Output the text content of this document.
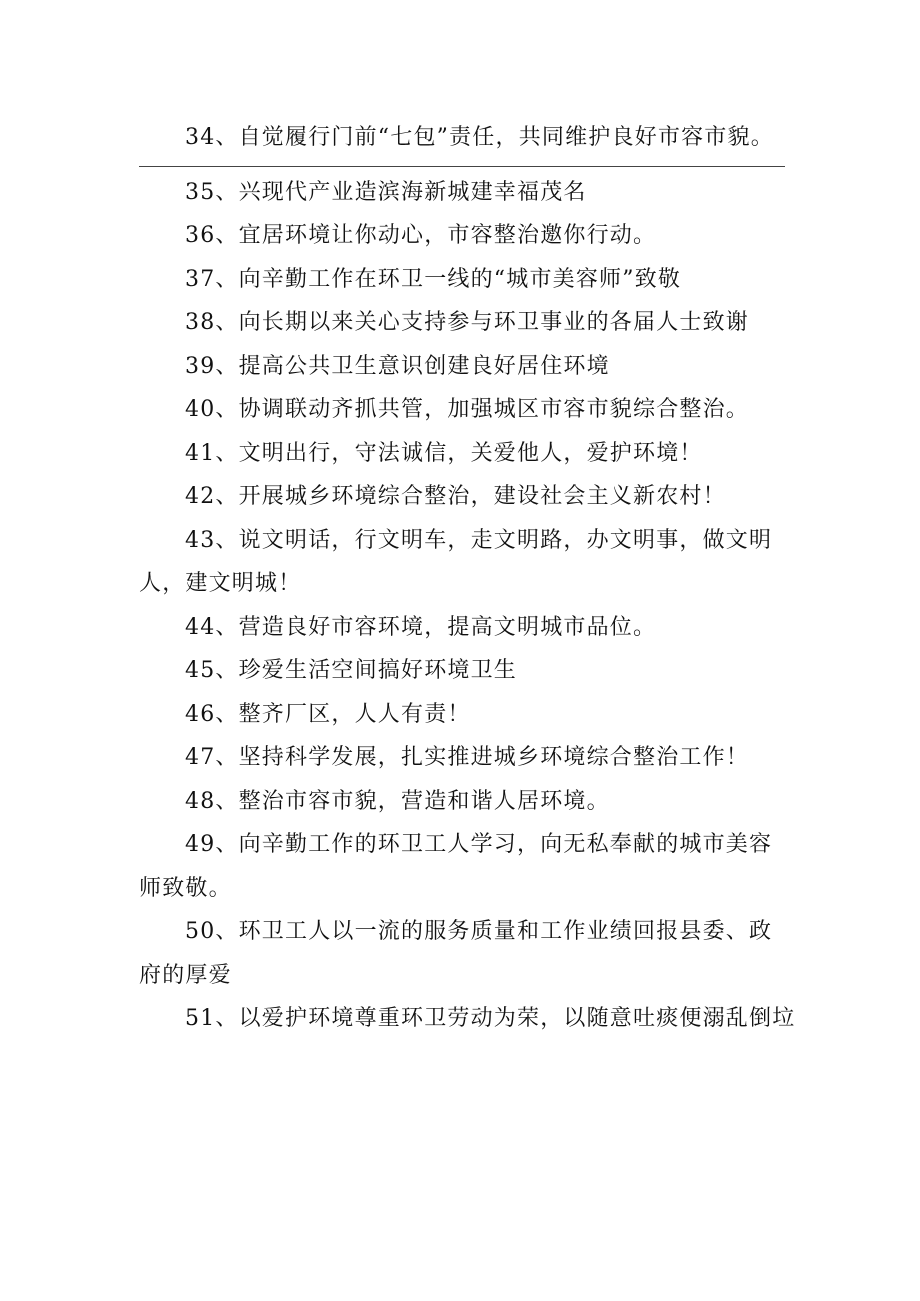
34、自觉履行门前“七包”责任，共同维护良好市容市貌。

35、兴现代产业造滨海新城建幸福茂名

36、宜居环境让你动心，市容整治邀你行动。

37、向辛勤工作在环卫一线的“城市美容师”致敬

38、向长期以来关心支持参与环卫事业的各届人士致谢

39、提高公共卫生意识创建良好居住环境

40、协调联动齐抓共管，加强城区市容市貌综合整治。

41、文明出行，守法诚信，关爱他人，爱护环境！

42、开展城乡环境综合整治，建设社会主义新农村！

43、说文明话，行文明车，走文明路，办文明事，做文明人，建文明城！

44、营造良好市容环境，提高文明城市品位。

45、珍爱生活空间搞好环境卫生

46、整齐厂区，人人有责！

47、坚持科学发展，扎实推进城乡环境综合整治工作！

48、整治市容市貌，营造和谐人居环境。

49、向辛勤工作的环卫工人学习，向无私奉献的城市美容师致敬。

50、环卫工人以一流的服务质量和工作业绩回报县委、政府的厚爱

51、以爱护环境尊重环卫劳动为荣，以随意吐痰便溺乱倒垃
